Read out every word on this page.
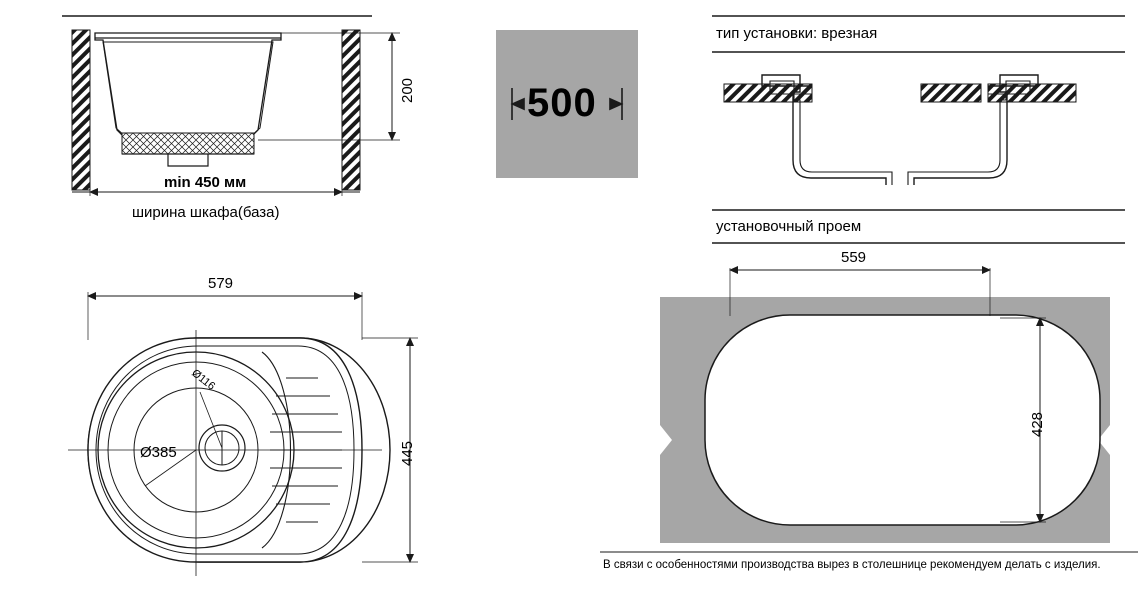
200
min 450 мм
ширина шкафа(база)
500
тип установки: врезная
установочный проем
559
428
579
445
Ø385
Ø116
В связи с особенностями производства вырез в столешнице рекомендуем делать с изделия.
